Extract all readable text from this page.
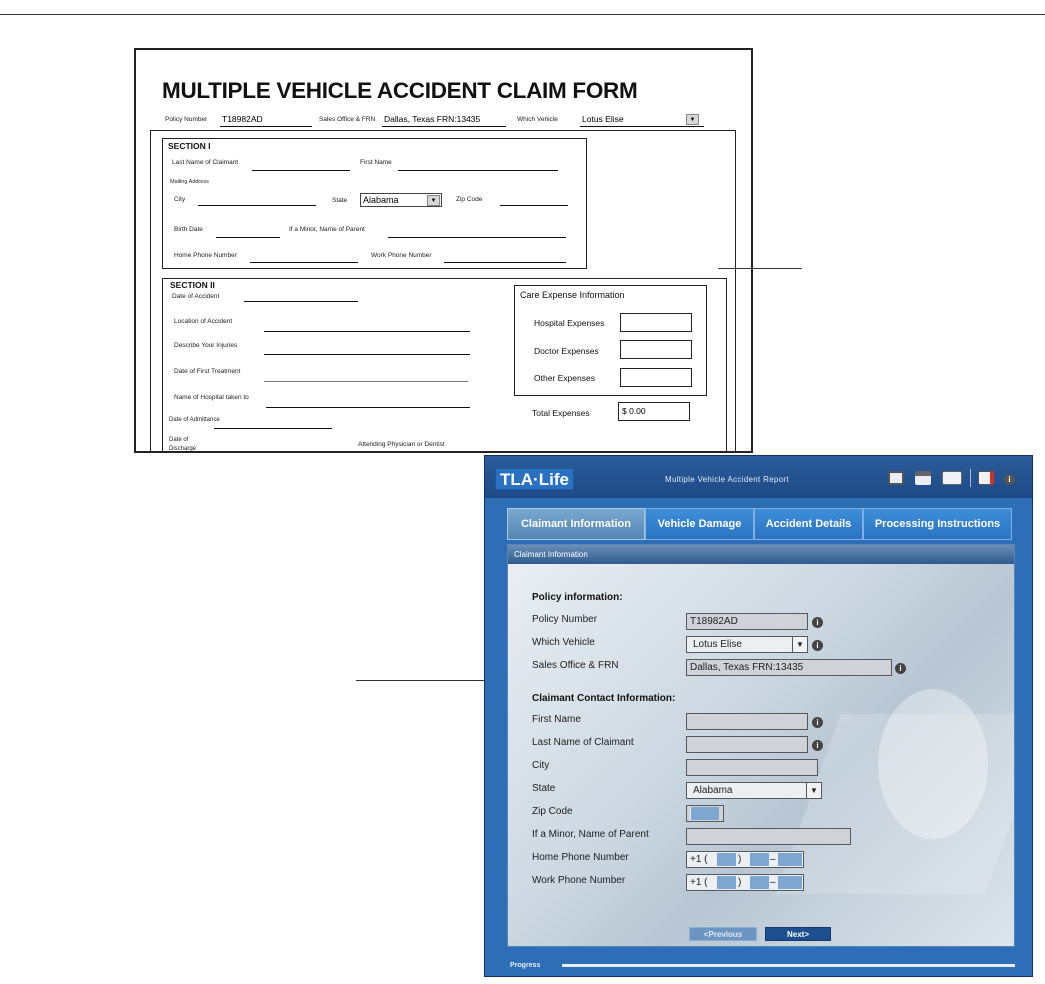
MULTIPLE VEHICLE ACCIDENT CLAIM FORM
Policy Number T18982AD	Sales Office & FRN Dallas, Texas FRN:13435	Which Vehicle	Lotus Elise	▼
SECTION I
Last Name of Claimant	First Name
Mailing Address
City	State	Alabama	▼	Zip Code
Birth Date	If a Minor, Name of Parent
Home Phone Number	Work Phone Number
SECTION II
Date of Accident
Location of Accident
Describe Your Injuries
Date of First Treatment
Name of Hospital taken to
Date of Admittance
Date of Discharge
Attending Physician or Dentist
Care Expense Information
Hospital Expenses
Doctor Expenses
Other Expenses
Total Expenses	$ 0.00
TLA·Life	Multiple Vehicle Accident Report	i
Claimant Information	Vehicle Damage	Accident Details	Processing Instructions
Claimant Information
Policy information:
Policy Number	T18982AD	i
Which Vehicle	Lotus Elise	▼	i
Sales Office & FRN	Dallas, Texas FRN:13435	i
Claimant Contact Information:
First Name	i
Last Name of Claimant	i
City
State	Alabama	▼
Zip Code
If a Minor, Name of Parent
Home Phone Number	+1 (	)	–
Work Phone Number	+1 (	)	–
<Previous	Next>
Progress
